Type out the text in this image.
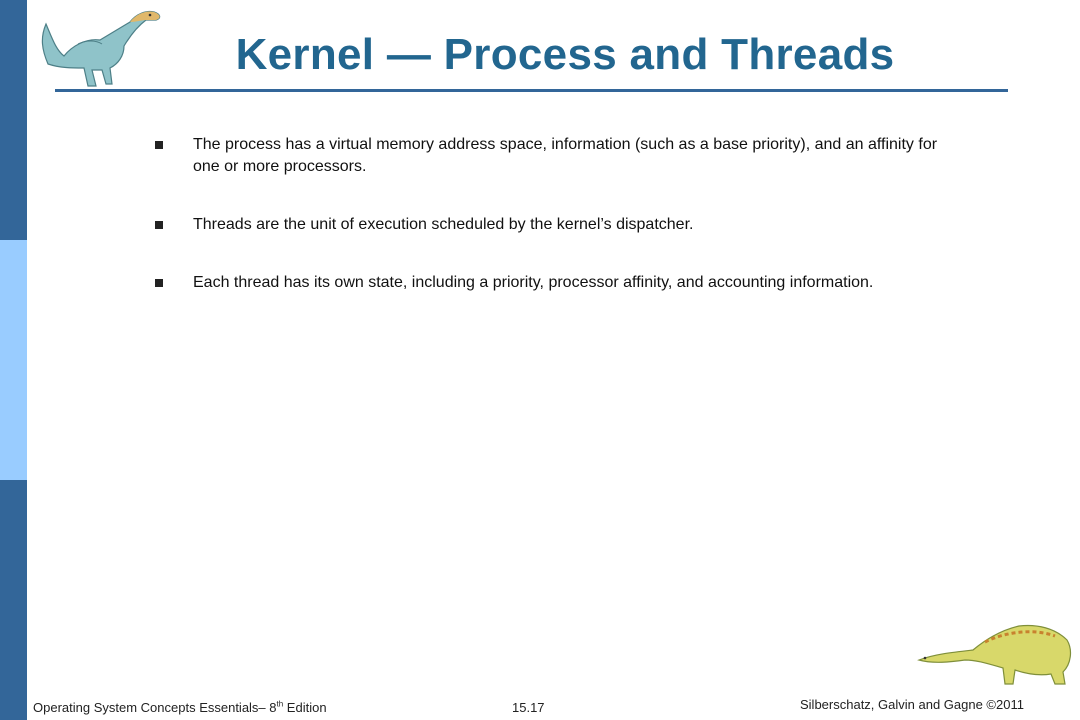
Kernel — Process and Threads
The process has a virtual memory address space, information (such as a base priority), and an affinity for one or more processors.
Threads are the unit of execution scheduled by the kernel’s dispatcher.
Each thread has its own state, including a priority, processor affinity, and accounting information.
Operating System Concepts Essentials– 8th Edition	15.17	Silberschatz, Galvin and Gagne ©2011
